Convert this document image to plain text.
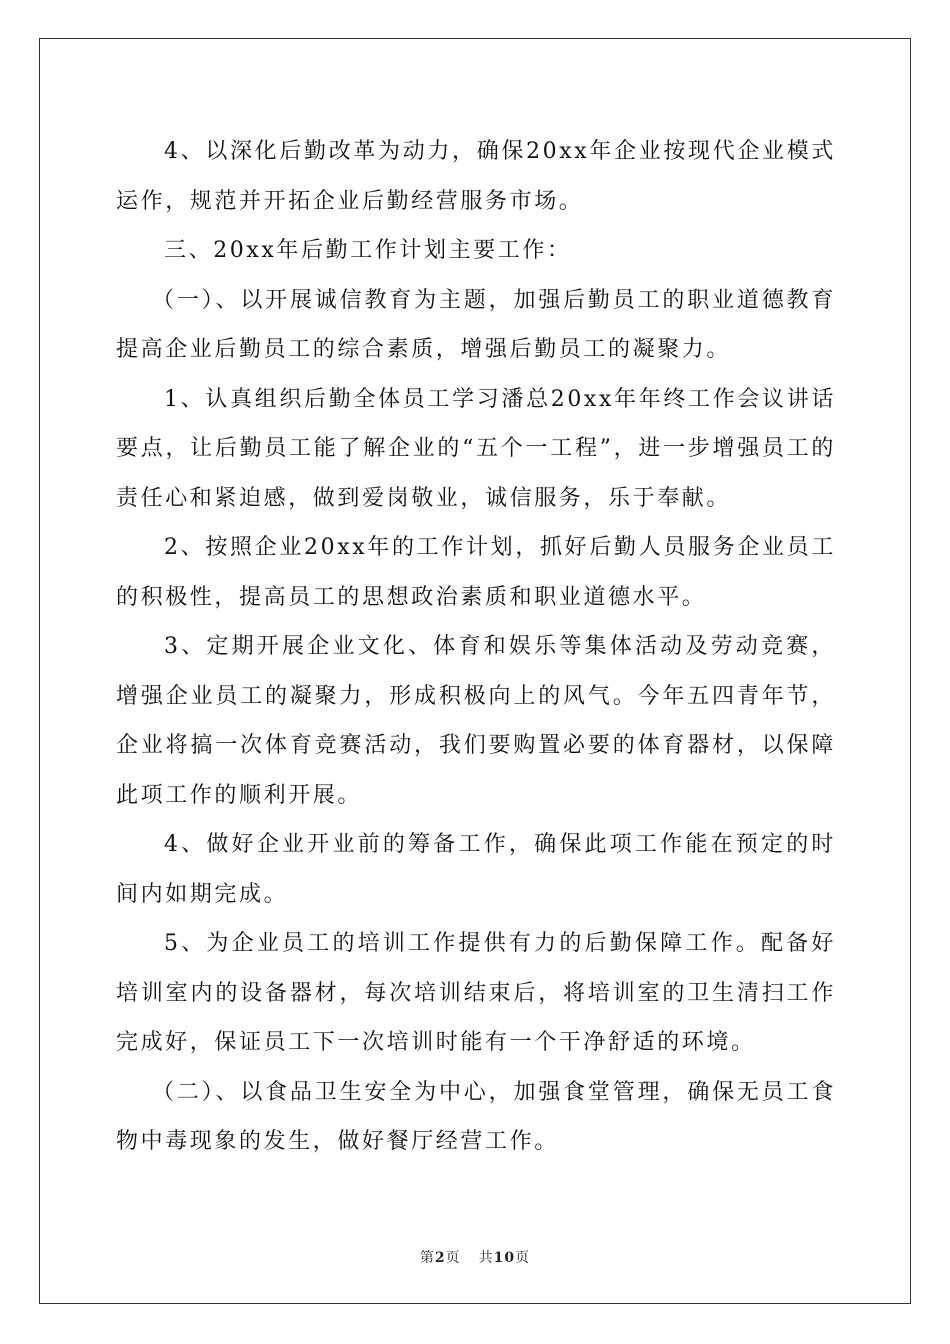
4、以深化后勤改革为动力，确保20xx年企业按现代企业模式运作，规范并开拓企业后勤经营服务市场。

三、20xx年后勤工作计划主要工作：

（一）、以开展诚信教育为主题，加强后勤员工的职业道德教育提高企业后勤员工的综合素质，增强后勤员工的凝聚力。

1、认真组织后勤全体员工学习潘总20xx年年终工作会议讲话要点，让后勤员工能了解企业的“五个一工程”，进一步增强员工的责任心和紧迫感，做到爱岗敬业，诚信服务，乐于奉献。

2、按照企业20xx年的工作计划，抓好后勤人员服务企业员工的积极性，提高员工的思想政治素质和职业道德水平。

3、定期开展企业文化、体育和娱乐等集体活动及劳动竞赛，增强企业员工的凝聚力，形成积极向上的风气。今年五四青年节，企业将搞一次体育竞赛活动，我们要购置必要的体育器材，以保障此项工作的顺利开展。

4、做好企业开业前的筹备工作，确保此项工作能在预定的时间内如期完成。

5、为企业员工的培训工作提供有力的后勤保障工作。配备好培训室内的设备器材，每次培训结束后，将培训室的卫生清扫工作完成好，保证员工下一次培训时能有一个干净舒适的环境。

（二）、以食品卫生安全为中心，加强食堂管理，确保无员工食物中毒现象的发生，做好餐厅经营工作。

第2页 共10页
